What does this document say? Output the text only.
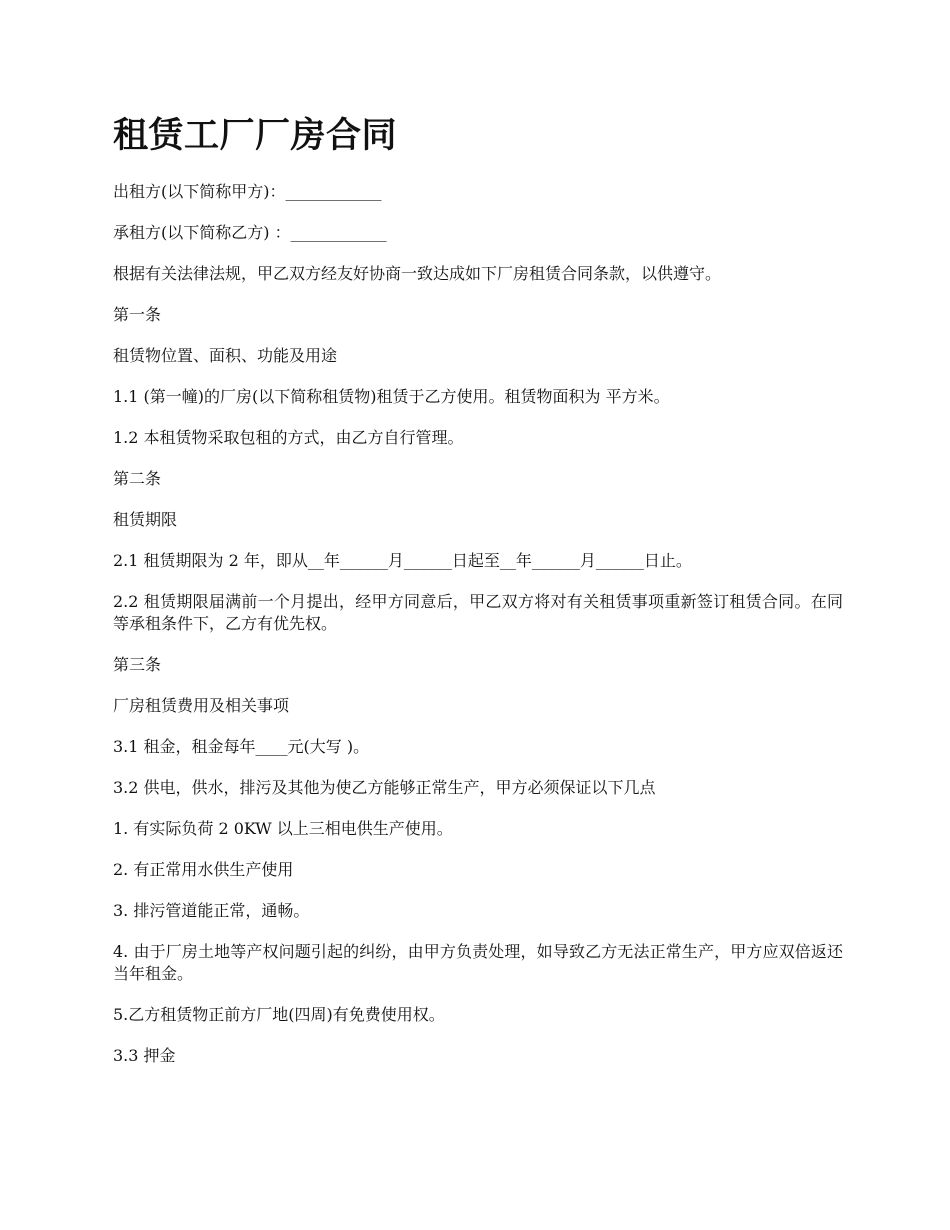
租赁工厂厂房合同

出租方(以下简称甲方)：____________

承租方(以下简称乙方) ：____________

根据有关法律法规，甲乙双方经友好协商一致达成如下厂房租赁合同条款，以供遵守。

第一条

租赁物位置、面积、功能及用途

1.1 (第一幢)的厂房(以下简称租赁物)租赁于乙方使用。租赁物面积为 平方米。

1.2 本租赁物采取包租的方式，由乙方自行管理。

第二条

租赁期限

2.1 租赁期限为 2 年，即从__年______月______日起至__年______月______日止。

2.2 租赁期限届满前一个月提出，经甲方同意后，甲乙双方将对有关租赁事项重新签订租赁合同。在同等承租条件下，乙方有优先权。

第三条

厂房租赁费用及相关事项

3.1 租金，租金每年____元(大写 )。

3.2 供电，供水，排污及其他为使乙方能够正常生产，甲方必须保证以下几点

1. 有实际负荷 2 0KW 以上三相电供生产使用。

2. 有正常用水供生产使用

3. 排污管道能正常，通畅。

4. 由于厂房土地等产权问题引起的纠纷，由甲方负责处理，如导致乙方无法正常生产，甲方应双倍返还当年租金。

5.乙方租赁物正前方厂地(四周)有免费使用权。

3.3 押金
